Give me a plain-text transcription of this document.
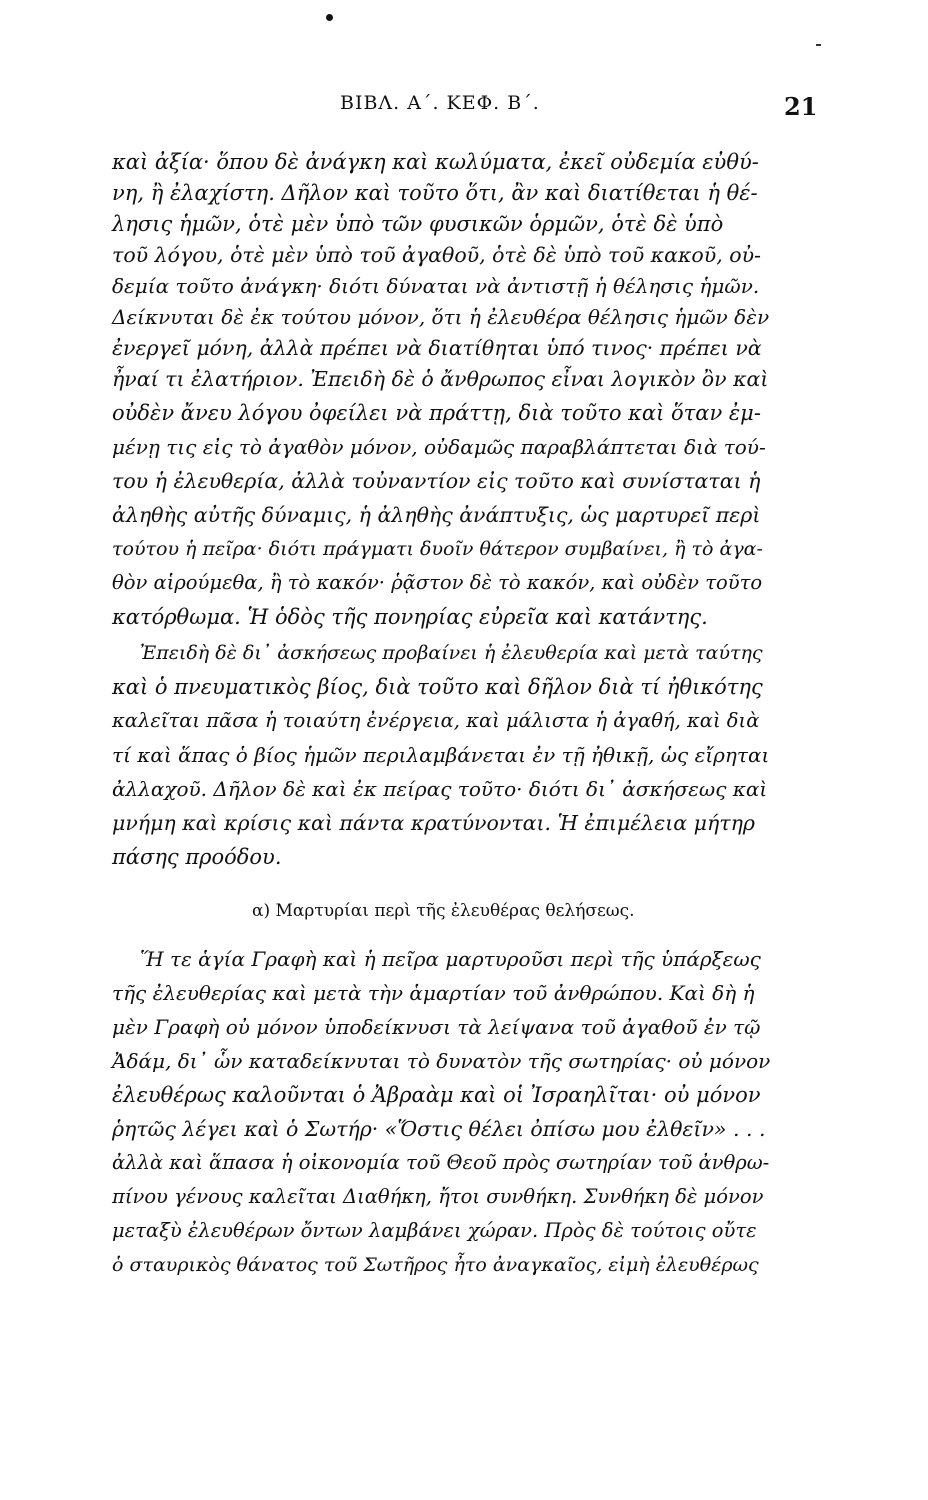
ΒΙΒΛ. Α΄. ΚΕΦ. Β΄.	21
καὶ ἀξία· ὅπου δὲ ἀνάγκη καὶ κωλύματα, ἐκεῖ οὐδεμία εὐθύ-
νη, ἢ ἐλαχίστη. Δῆλον καὶ τοῦτο ὅτι, ἂν καὶ διατίθεται ἡ θέ-
λησις ἡμῶν, ὁτὲ μὲν ὑπὸ τῶν φυσικῶν ὁρμῶν, ὁτὲ δὲ ὑπὸ
τοῦ λόγου, ὁτὲ μὲν ὑπὸ τοῦ ἀγαθοῦ, ὁτὲ δὲ ὑπὸ τοῦ κακοῦ, οὐ-
δεμία τοῦτο ἀνάγκη· διότι δύναται νὰ ἀντιστῇ ἡ θέλησις ἡμῶν.
Δείκνυται δὲ ἐκ τούτου μόνον, ὅτι ἡ ἐλευθέρα θέλησις ἡμῶν δὲν
ἐνεργεῖ μόνη, ἀλλὰ πρέπει νὰ διατίθηται ὑπό τινος· πρέπει νὰ
ἦναί τι ἐλατήριον. Ἐπειδὴ δὲ ὁ ἄνθρωπος εἶναι λογικὸν ὂν καὶ
οὐδὲν ἄνευ λόγου ὀφείλει νὰ πράττῃ, διὰ τοῦτο καὶ ὅταν ἐμ-
μένῃ τις εἰς τὸ ἀγαθὸν μόνον, οὐδαμῶς παραβλάπτεται διὰ τού-
του ἡ ἐλευθερία, ἀλλὰ τοὐναντίον εἰς τοῦτο καὶ συνίσταται ἡ
ἀληθὴς αὐτῆς δύναμις, ἡ ἀληθὴς ἀνάπτυξις, ὡς μαρτυρεῖ περὶ
τούτου ἡ πεῖρα· διότι πράγματι δυοῖν θάτερον συμβαίνει, ἢ τὸ ἀγα-
θὸν αἱρούμεθα, ἢ τὸ κακόν· ῥᾷστον δὲ τὸ κακόν, καὶ οὐδὲν τοῦτο
κατόρθωμα. Ἡ ὁδὸς τῆς πονηρίας εὐρεῖα καὶ κατάντης.
Ἐπειδὴ δὲ δι᾽ ἀσκήσεως προβαίνει ἡ ἐλευθερία καὶ μετὰ ταύτης
καὶ ὁ πνευματικὸς βίος, διὰ τοῦτο καὶ δῆλον διὰ τί ἠθικότης
καλεῖται πᾶσα ἡ τοιαύτη ἐνέργεια, καὶ μάλιστα ἡ ἀγαθή, καὶ διὰ
τί καὶ ἅπας ὁ βίος ἡμῶν περιλαμβάνεται ἐν τῇ ἠθικῇ, ὡς εἴρηται
ἀλλαχοῦ. Δῆλον δὲ καὶ ἐκ πείρας τοῦτο· διότι δι᾽ ἀσκήσεως καὶ
μνήμη καὶ κρίσις καὶ πάντα κρατύνονται. Ἡ ἐπιμέλεια μήτηρ
πάσης προόδου.
α) Μαρτυρίαι περὶ τῆς ἐλευθέρας θελήσεως.
Ἥ τε ἁγία Γραφὴ καὶ ἡ πεῖρα μαρτυροῦσι περὶ τῆς ὑπάρξεως
τῆς ἐλευθερίας καὶ μετὰ τὴν ἁμαρτίαν τοῦ ἀνθρώπου. Καὶ δὴ ἡ
μὲν Γραφὴ οὐ μόνον ὑποδείκνυσι τὰ λείψανα τοῦ ἀγαθοῦ ἐν τῷ
Ἀδάμ, δι᾽ ὧν καταδείκνυται τὸ δυνατὸν τῆς σωτηρίας· οὐ μόνον
ἐλευθέρως καλοῦνται ὁ Ἀβραὰμ καὶ οἱ Ἰσραηλῖται· οὐ μόνον
ῥητῶς λέγει καὶ ὁ Σωτήρ· «Ὅστις θέλει ὀπίσω μου ἐλθεῖν» . . .
ἀλλὰ καὶ ἅπασα ἡ οἰκονομία τοῦ Θεοῦ πρὸς σωτηρίαν τοῦ ἀνθρω-
πίνου γένους καλεῖται Διαθήκη, ἤτοι συνθήκη. Συνθήκη δὲ μόνον
μεταξὺ ἐλευθέρων ὄντων λαμβάνει χώραν. Πρὸς δὲ τούτοις οὔτε
ὁ σταυρικὸς θάνατος τοῦ Σωτῆρος ἦτο ἀναγκαῖος, εἰμὴ ἐλευθέρως
